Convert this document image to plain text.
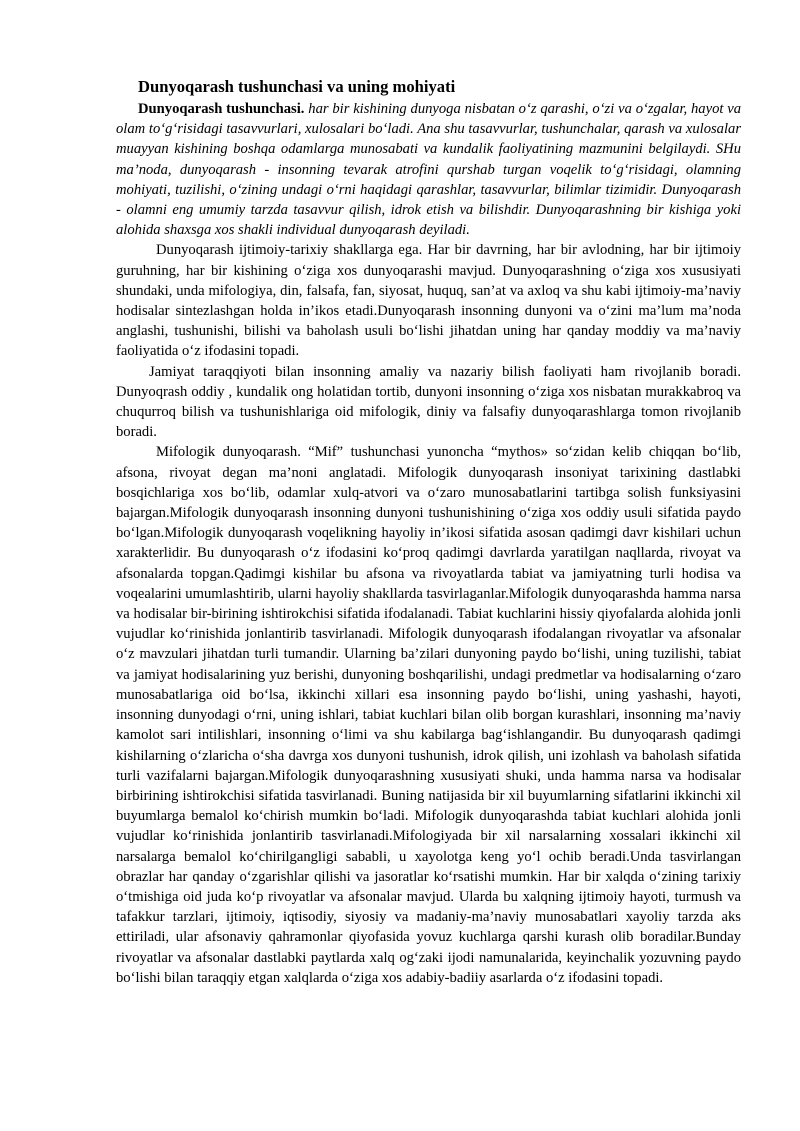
Dunyoqarash tushunchasi va uning mohiyati

Dunyoqarash tushunchasi. har bir kishining dunyoga nisbatan o‘z qarashi, o‘zi va o‘zgalar, hayot va olam to‘g‘risidagi tasavvurlari, xulosalari bo‘ladi. Ana shu tasavvurlar, tushunchalar, qarash va xulosalar muayyan kishining boshqa odamlarga munosabati va kundalik faoliyatining mazmunini belgilaydi. SHu ma’noda, dunyoqarash - insonning tevarak atrofini qurshab turgan voqelik to‘g‘risidagi, olamning mohiyati, tuzilishi, o‘zining undagi o‘rni haqidagi qarashlar, tasavvurlar, bilimlar tizimidir. Dunyoqarash - olamni eng umumiy tarzda tasavvur qilish, idrok etish va bilishdir. Dunyoqarashning bir kishiga yoki alohida shaxsga xos shakli individual dunyoqarash deyiladi.

Dunyoqarash ijtimoiy-tarixiy shakllarga ega. Har bir davrning, har bir avlodning, har bir ijtimoiy guruhning, har bir kishining o‘ziga xos dunyoqarashi mavjud. Dunyoqarashning o‘ziga xos xususiyati shundaki, unda mifologiya, din, falsafa, fan, siyosat, huquq, san’at va axloq va shu kabi ijtimoiy-ma’naviy hodisalar sintezlashgan holda in’ikos etadi.Dunyoqarash insonning dunyoni va o‘zini ma’lum ma’noda anglashi, tushunishi, bilishi va baholash usuli bo‘lishi jihatdan uning har qanday moddiy va ma’naviy faoliyatida o‘z ifodasini topadi.

Jamiyat taraqqiyoti bilan insonning amaliy va nazariy bilish faoliyati ham rivojlanib boradi. Dunyoqrash oddiy , kundalik ong holatidan tortib, dunyoni insonning o‘ziga xos nisbatan murakkabroq va chuqurroq bilish va tushunishlariga oid mifologik, diniy va falsafiy dunyoqarashlarga tomon rivojlanib boradi.

Mifologik dunyoqarash. “Mif” tushunchasi yunoncha “mythos» so‘zidan kelib chiqqan bo‘lib, afsona, rivoyat degan ma’noni anglatadi. Mifologik dunyoqarash insoniyat tarixining dastlabki bosqichlariga xos bo‘lib, odamlar xulq-atvori va o‘zaro munosabatlarini tartibga solish funksiyasini bajargan.Mifologik dunyoqarash insonning dunyoni tushunishining o‘ziga xos oddiy usuli sifatida paydo bo‘lgan.Mifologik dunyoqarash voqelikning hayoliy in’ikosi sifatida asosan qadimgi davr kishilari uchun xarakterlidir. Bu dunyoqarash o‘z ifodasini ko‘proq qadimgi davrlarda yaratilgan naqllarda, rivoyat va afsonalarda topgan.Qadimgi kishilar bu afsona va rivoyatlarda tabiat va jamiyatning turli hodisa va voqealarini umumlashtirib, ularni hayoliy shakllarda tasvirlaganlar.Mifologik dunyoqarashda hamma narsa va hodisalar bir-birining ishtirokchisi sifatida ifodalanadi. Tabiat kuchlarini hissiy qiyofalarda alohida jonli vujudlar ko‘rinishida jonlantirib tasvirlanadi. Mifologik dunyoqarash ifodalangan rivoyatlar va afsonalar o‘z mavzulari jihatdan turli tumandir. Ularning ba’zilari dunyoning paydo bo‘lishi, uning tuzilishi, tabiat va jamiyat hodisalarining yuz berishi, dunyoning boshqarilishi, undagi predmetlar va hodisalarning o‘zaro munosabatlariga oid bo‘lsa, ikkinchi xillari esa insonning paydo bo‘lishi, uning yashashi, hayoti, insonning dunyodagi o‘rni, uning ishlari, tabiat kuchlari bilan olib borgan kurashlari, insonning ma’naviy kamolot sari intilishlari, insonning o‘limi va shu kabilarga bag‘ishlangandir. Bu dunyoqarash qadimgi kishilarning o‘zlaricha o‘sha davrga xos dunyoni tushunish, idrok qilish, uni izohlash va baholash sifatida turli vazifalarni bajargan.Mifologik dunyoqarashning xususiyati shuki, unda hamma narsa va hodisalar birbirining ishtirokchisi sifatida tasvirlanadi. Buning natijasida bir xil buyumlarning sifatlarini ikkinchi xil buyumlarga bemalol ko‘chirish mumkin bo‘ladi. Mifologik dunyoqarashda tabiat kuchlari alohida jonli vujudlar ko‘rinishida jonlantirib tasvirlanadi.Mifologiyada bir xil narsalarning xossalari ikkinchi xil narsalarga bemalol ko‘chirilgangligi sababli, u xayolotga keng yo‘l ochib beradi.Unda tasvirlangan obrazlar har qanday o‘zgarishlar qilishi va jasoratlar ko‘rsatishi mumkin. Har bir xalqda o‘zining tarixiy o‘tmishiga oid juda ko‘p rivoyatlar va afsonalar mavjud. Ularda bu xalqning ijtimoiy hayoti, turmush va tafakkur tarzlari, ijtimoiy, iqtisodiy, siyosiy va madaniy-ma’naviy munosabatlari xayoliy tarzda aks ettiriladi, ular afsonaviy qahramonlar qiyofasida yovuz kuchlarga qarshi kurash olib boradilar.Bunday rivoyatlar va afsonalar dastlabki paytlarda xalq og‘zaki ijodi namunalarida, keyinchalik yozuvning paydo bo‘lishi bilan taraqqiy etgan xalqlarda o‘ziga xos adabiy-badiiy asarlarda o‘z ifodasini topadi.
